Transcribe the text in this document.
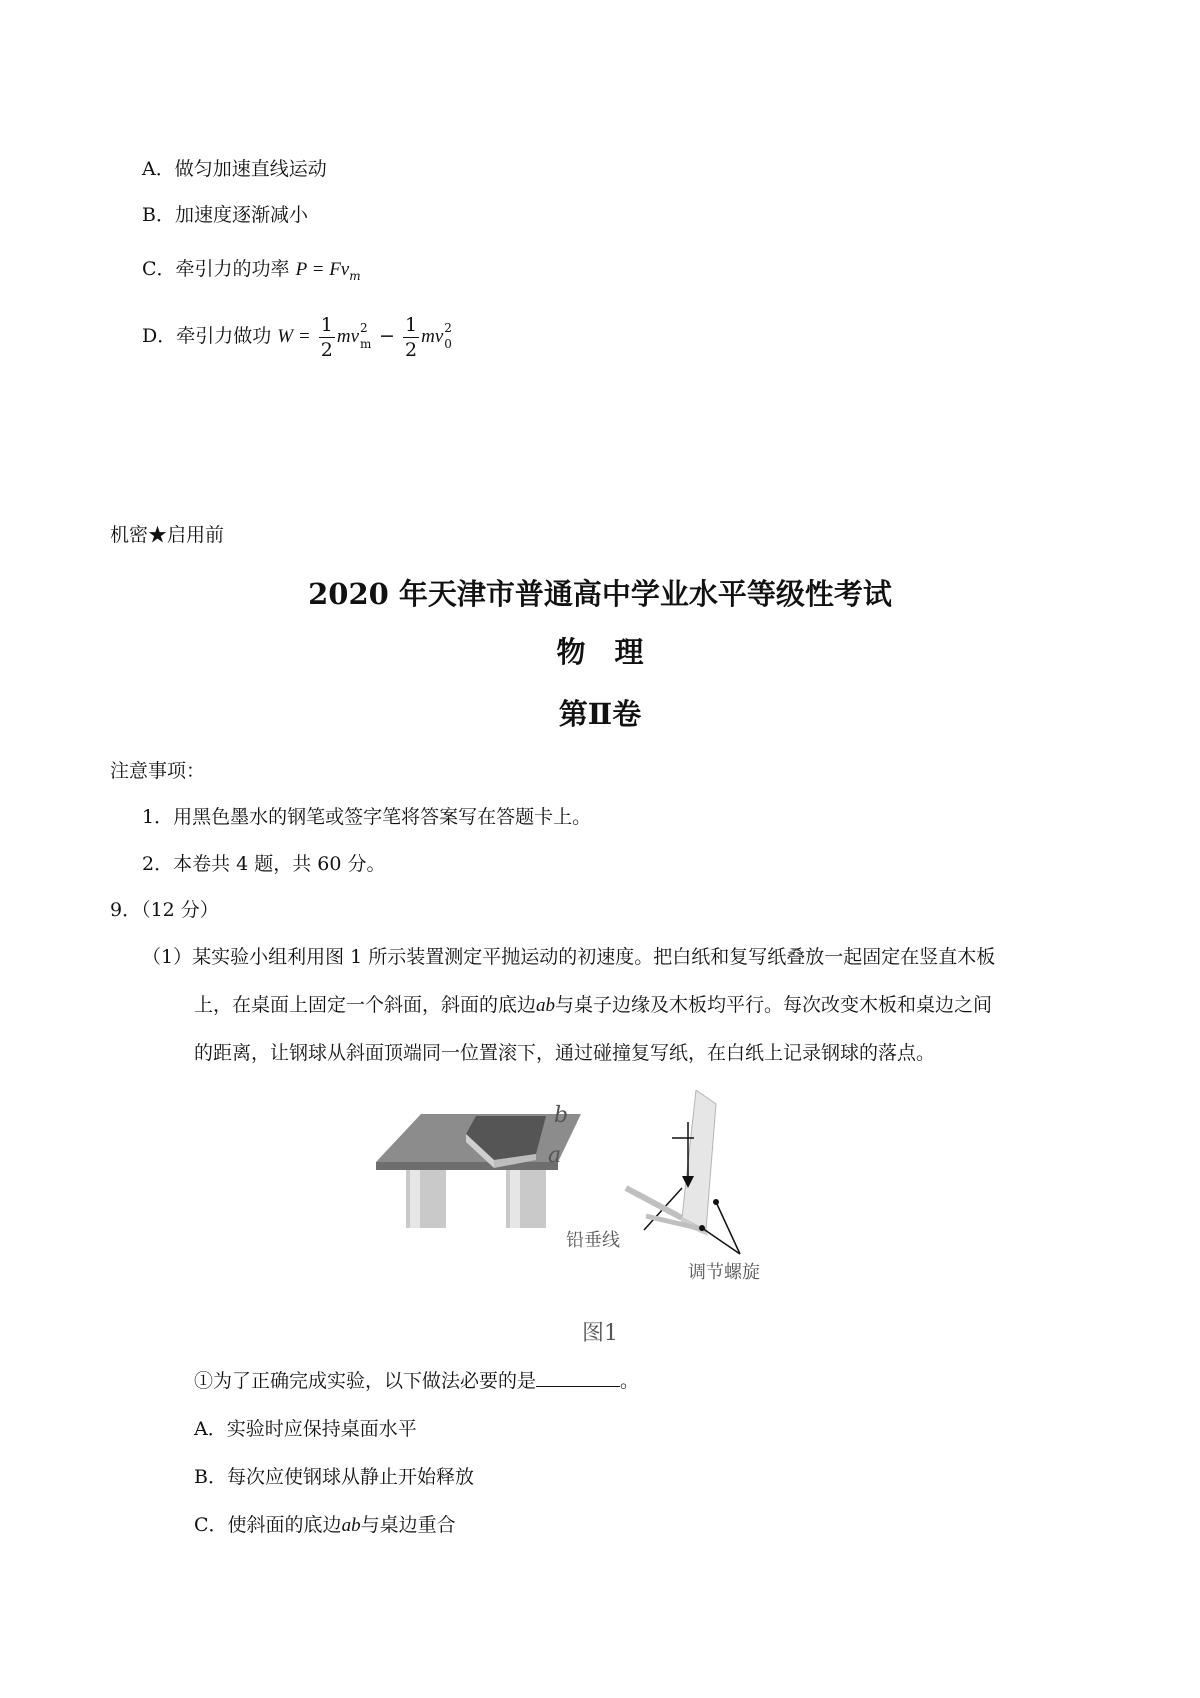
A．做匀加速直线运动
B．加速度逐渐减小
C．牵引力的功率 $P = Fv_m$
D．牵引力做功 $W = \frac{1}{2}$ mv 2
$m - \frac{1}{2}$ mv 2
0
机密★启用前
2020 年天津市普通高中学业水平等级性考试
物　理
第Ⅱ卷
注意事项：
1．用黑色墨水的钢笔或签字笔将答案写在答题卡上。
2．本卷共 4 题，共 60 分。
9．（12 分）
（1）某实验小组利用图 1 所示装置测定平抛运动的初速度。把白纸和复写纸叠放一起固定在竖直木板
上，在桌面上固定一个斜面，斜面的底边ab与桌子边缘及木板均平行。每次改变木板和桌边之间
的距离，让钢球从斜面顶端同一位置滚下，通过碰撞复写纸，在白纸上记录钢球的落点。
b
a
铅垂线
调节螺旋
图1
①为了正确完成实验，以下做法必要的是	。
A．实验时应保持桌面水平
B．每次应使钢球从静止开始释放
C．使斜面的底边ab与桌边重合
